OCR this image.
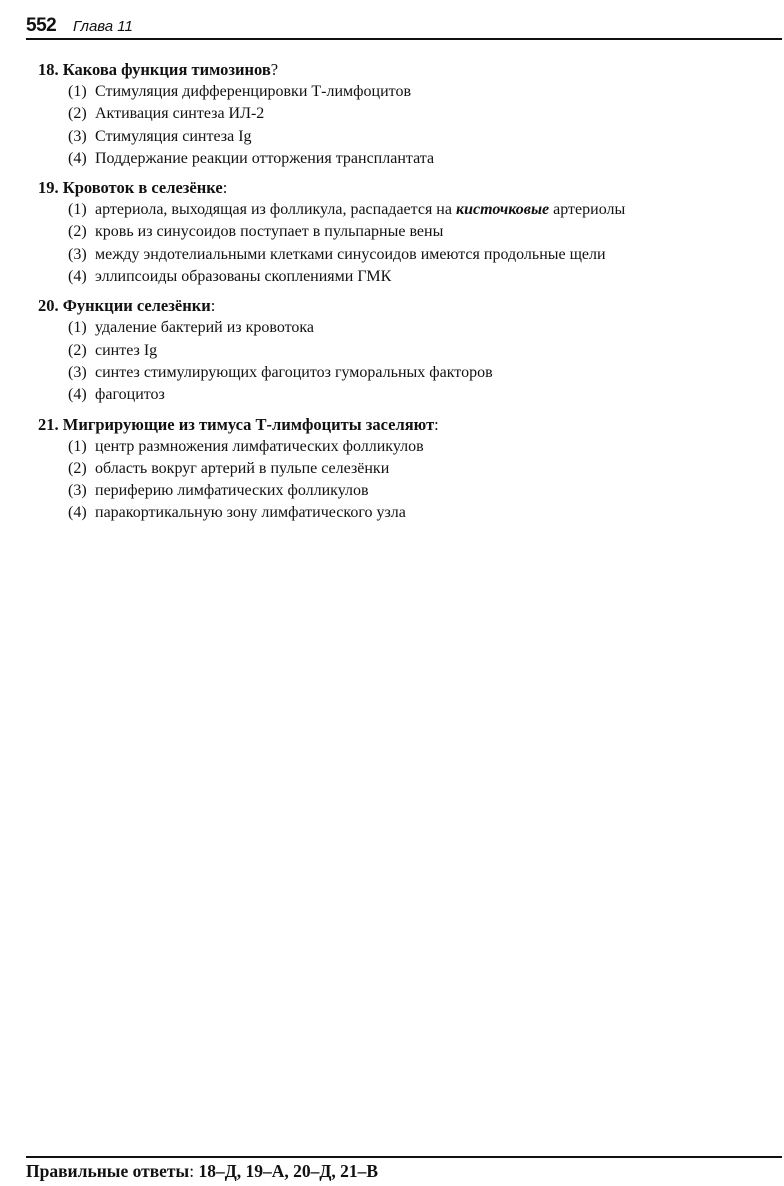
552 Глава 11
18. Какова функция тимозинов?
(1) Стимуляция дифференцировки Т-лимфоцитов
(2) Активация синтеза ИЛ-2
(3) Стимуляция синтеза Ig
(4) Поддержание реакции отторжения трансплантата
19. Кровоток в селезёнке:
(1) артериола, выходящая из фолликула, распадается на кисточковые артериолы
(2) кровь из синусоидов поступает в пульпарные вены
(3) между эндотелиальными клетками синусоидов имеются продольные щели
(4) эллипсоиды образованы скоплениями ГМК
20. Функции селезёнки:
(1) удаление бактерий из кровотока
(2) синтез Ig
(3) синтез стимулирующих фагоцитоз гуморальных факторов
(4) фагоцитоз
21. Мигрирующие из тимуса Т-лимфоциты заселяют:
(1) центр размножения лимфатических фолликулов
(2) область вокруг артерий в пульпе селезёнки
(3) периферию лимфатических фолликулов
(4) паракортикальную зону лимфатического узла
Правильные ответы: 18–Д, 19–А, 20–Д, 21–В
